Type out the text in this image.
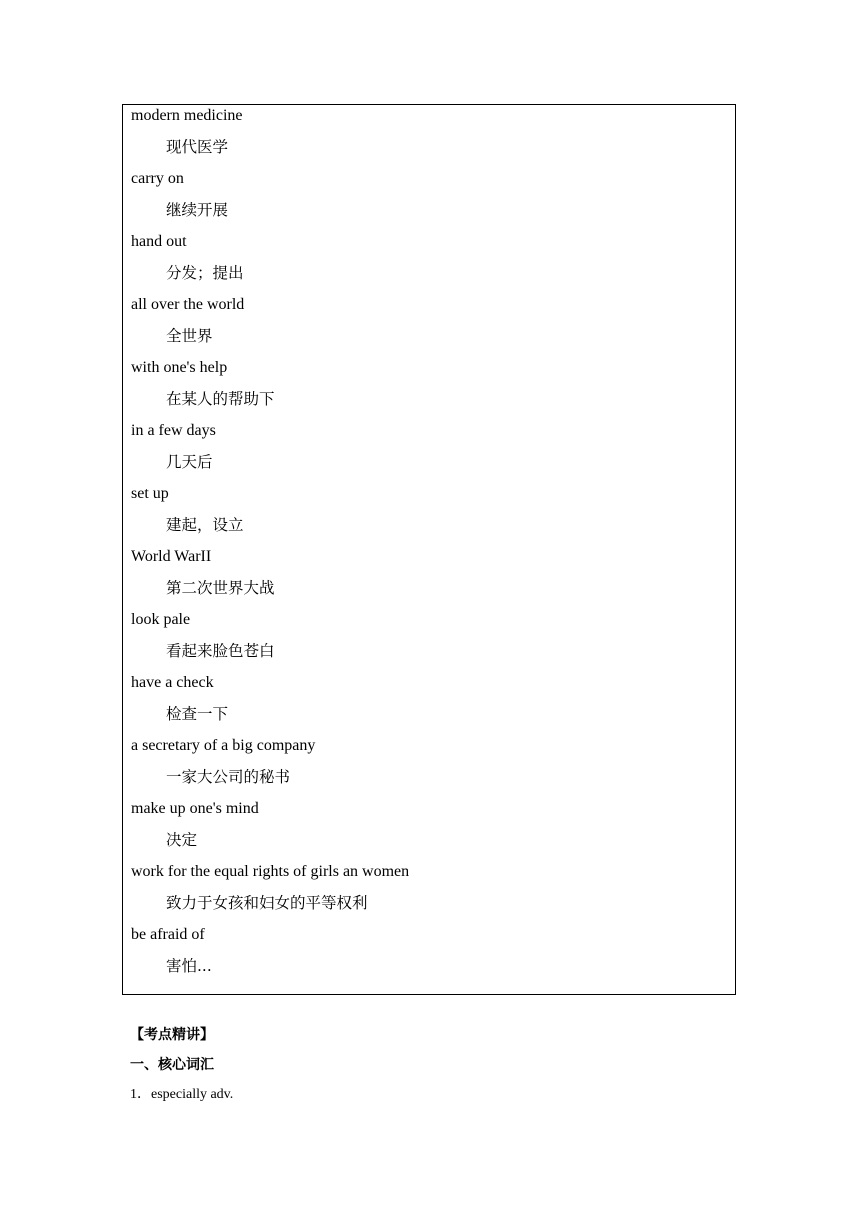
modern medicine
现代医学
carry on
继续开展
hand out
分发；提出
all over the world
全世界
with one's help
在某人的帮助下
in a few days
几天后
set up
建起，设立
World WarII
第二次世界大战
look pale
看起来脸色苍白
have a check
检查一下
a secretary of a big company
一家大公司的秘书
make up one's mind
决定
work for the equal rights of girls an women
致力于女孩和妇女的平等权利
be afraid of
害怕...
【考点精讲】
一、核心词汇
1．especially adv.
